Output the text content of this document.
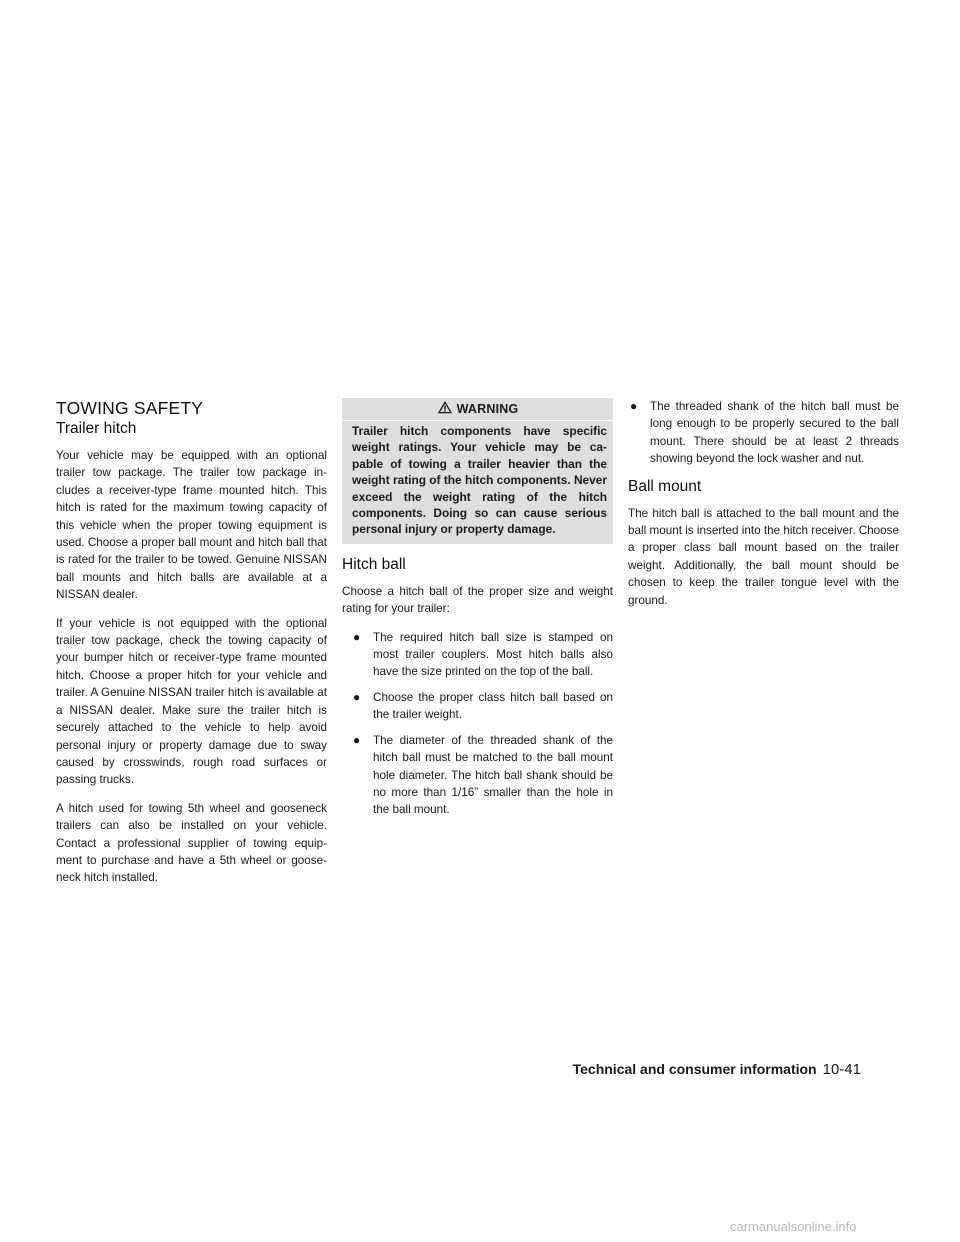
TOWING SAFETY
Trailer hitch

Your vehicle may be equipped with an optional trailer tow package. The trailer tow package in- cludes a receiver-type frame mounted hitch. This hitch is rated for the maximum towing capacity of this vehicle when the proper towing equipment is used. Choose a proper ball mount and hitch ball that is rated for the trailer to be towed. Genuine NISSAN ball mounts and hitch balls are available at a NISSAN dealer.

If your vehicle is not equipped with the optional trailer tow package, check the towing capacity of your bumper hitch or receiver-type frame mounted hitch. Choose a proper hitch for your vehicle and trailer. A Genuine NISSAN trailer hitch is available at a NISSAN dealer. Make sure the trailer hitch is securely attached to the vehicle to help avoid personal injury or property damage due to sway caused by crosswinds, rough road surfaces or passing trucks.

A hitch used for towing 5th wheel and gooseneck trailers can also be installed on your vehicle. Contact a professional supplier of towing equip- ment to purchase and have a 5th wheel or goose- neck hitch installed.

WARNING

Trailer hitch components have specific weight ratings. Your vehicle may be ca- pable of towing a trailer heavier than the weight rating of the hitch components. Never exceed the weight rating of the hitch components. Doing so can cause serious personal injury or property damage.

Hitch ball

Choose a hitch ball of the proper size and weight rating for your trailer:

● The required hitch ball size is stamped on most trailer couplers. Most hitch balls also have the size printed on the top of the ball.
● Choose the proper class hitch ball based on the trailer weight.
● The diameter of the threaded shank of the hitch ball must be matched to the ball mount hole diameter. The hitch ball shank should be no more than 1/16” smaller than the hole in the ball mount.
● The threaded shank of the hitch ball must be long enough to be properly secured to the ball mount. There should be at least 2 threads showing beyond the lock washer and nut.
Ball mount

The hitch ball is attached to the ball mount and the ball mount is inserted into the hitch receiver. Choose a proper class ball mount based on the trailer weight. Additionally, the ball mount should be chosen to keep the trailer tongue level with the ground.

Technical and consumer information 10-41
carmanualsonline.info
